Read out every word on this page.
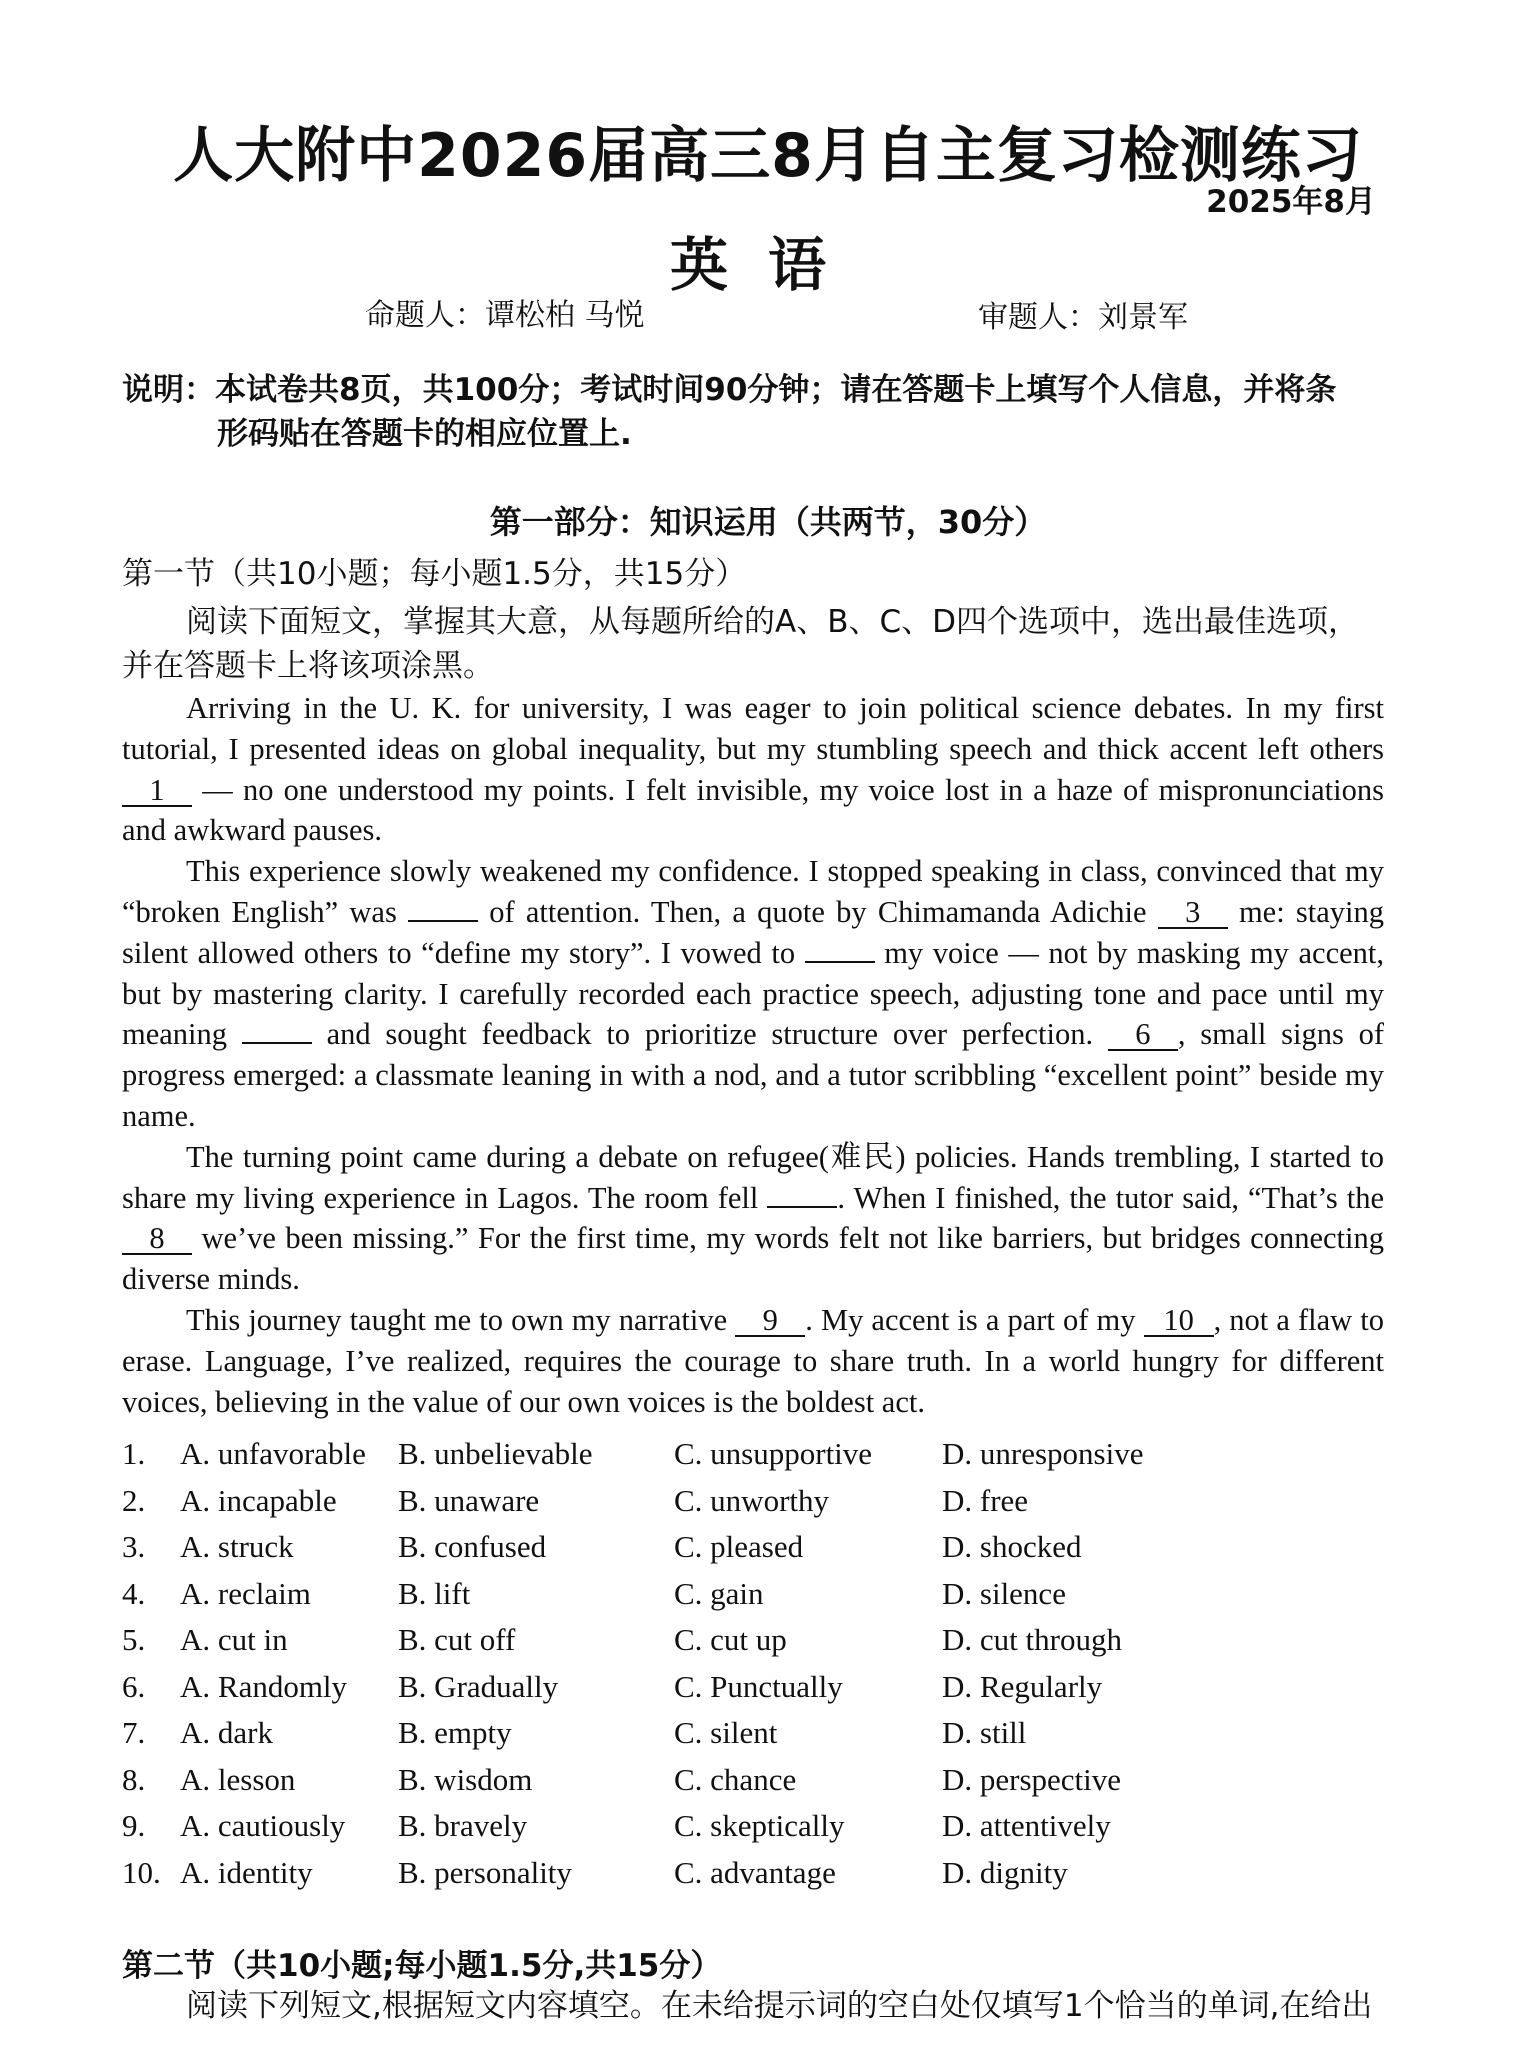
人大附中2026届高三8月自主复习检测练习
2025年8月
英语
命题人：谭松柏 马悦	审题人：刘景军
说明：本试卷共8页，共100分；考试时间90分钟；请在答题卡上填写个人信息，并将条
形码贴在答题卡的相应位置上.
第一部分：知识运用（共两节，30分）
第一节（共10小题；每小题1.5分，共15分）
阅读下面短文，掌握其大意，从每题所给的A、B、C、D四个选项中，选出最佳选项，并在答题卡上将该项涂黑。

Arriving in the U. K. for university, I was eager to join political science debates. In my first tutorial, I presented ideas on global inequality, but my stumbling speech and thick accent left others 1 — no one understood my points. I felt invisible, my voice lost in a haze of mispronunciations and awkward pauses.

This experience slowly weakened my confidence. I stopped speaking in class, convinced that my “broken English” was  of attention. Then, a quote by Chimamanda Adichie 3 me: staying silent allowed others to “define my story”. I vowed to  my voice — not by masking my accent, but by mastering clarity. I carefully recorded each practice speech, adjusting tone and pace until my meaning  and sought feedback to prioritize structure over perfection. 6 , small signs of progress emerged: a classmate leaning in with a nod, and a tutor scribbling “excellent point” beside my name.

The turning point came during a debate on refugee(难民) policies. Hands trembling, I started to share my living experience in Lagos. The room fell . When I finished, the tutor said, “That’s the 8 we’ve been missing.” For the first time, my words felt not like barriers, but bridges connecting diverse minds.

This journey taught me to own my narrative 9 . My accent is a part of my 10 , not a flaw to erase. Language, I’ve realized, requires the courage to share truth. In a world hungry for different voices, believing in the value of our own voices is the boldest act.

1. A. unfavorable B. unbelievable	C. unsupportive D. unresponsive
2. A. incapable B. unaware	C. unworthy	D. free
3. A. struck	B. confused	C. pleased	D. shocked
4. A. reclaim	B. lift	C. gain	D. silence
5. A. cut in	B. cut off	C. cut up	D. cut through
6. A. Randomly B. Gradually	C. Punctually	D. Regularly
7. A. dark	B. empty	C. silent	D. still
8. A. lesson	B. wisdom	C. chance	D. perspective
9. A. cautiously B. bravely	C. skeptically	D. attentively
10. A. identity	B. personality	C. advantage	D. dignity
第二节（共10小题;每小题1.5分,共15分）
阅读下列短文,根据短文内容填空。在未给提示词的空白处仅填写1个恰当的单词,在给出
